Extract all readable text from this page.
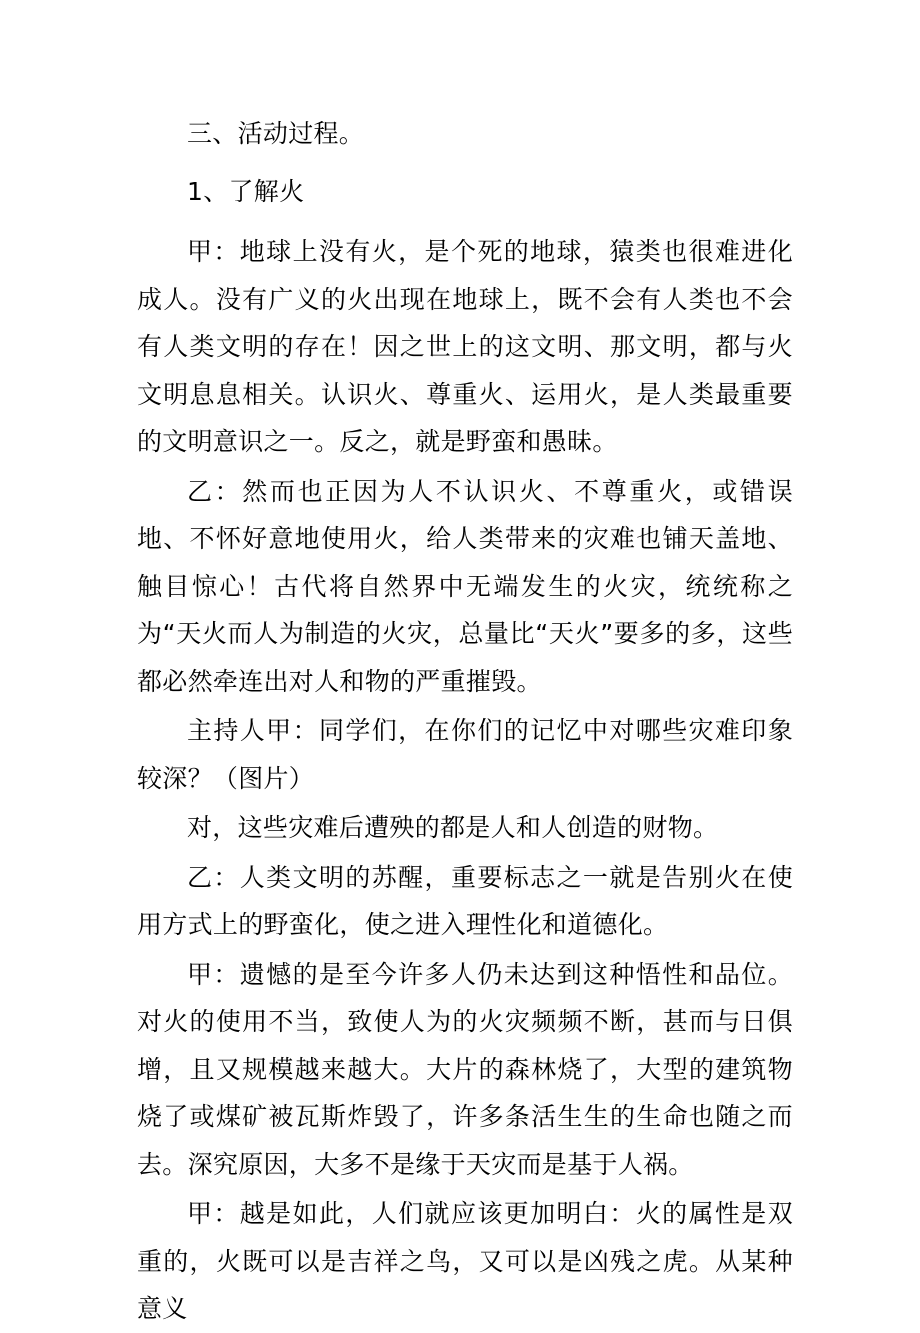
三、活动过程。

1、了解火

甲：地球上没有火，是个死的地球，猿类也很难进化成人。没有广义的火出现在地球上，既不会有人类也不会有人类文明的存在！因之世上的这文明、那文明，都与火文明息息相关。认识火、尊重火、运用火，是人类最重要的文明意识之一。反之，就是野蛮和愚昧。

乙：然而也正因为人不认识火、不尊重火，或错误地、不怀好意地使用火，给人类带来的灾难也铺天盖地、触目惊心！古代将自然界中无端发生的火灾，统统称之为“天火而人为制造的火灾，总量比“天火”要多的多，这些都必然牵连出对人和物的严重摧毁。

主持人甲：同学们，在你们的记忆中对哪些灾难印象较深？（图片）

对，这些灾难后遭殃的都是人和人创造的财物。

乙：人类文明的苏醒，重要标志之一就是告别火在使用方式上的野蛮化，使之进入理性化和道德化。

甲：遗憾的是至今许多人仍未达到这种悟性和品位。对火的使用不当，致使人为的火灾频频不断，甚而与日俱增，且又规模越来越大。大片的森林烧了，大型的建筑物烧了或煤矿被瓦斯炸毁了，许多条活生生的生命也随之而去。深究原因，大多不是缘于天灾而是基于人祸。

甲：越是如此，人们就应该更加明白：火的属性是双重的，火既可以是吉祥之鸟，又可以是凶残之虎。从某种意义
